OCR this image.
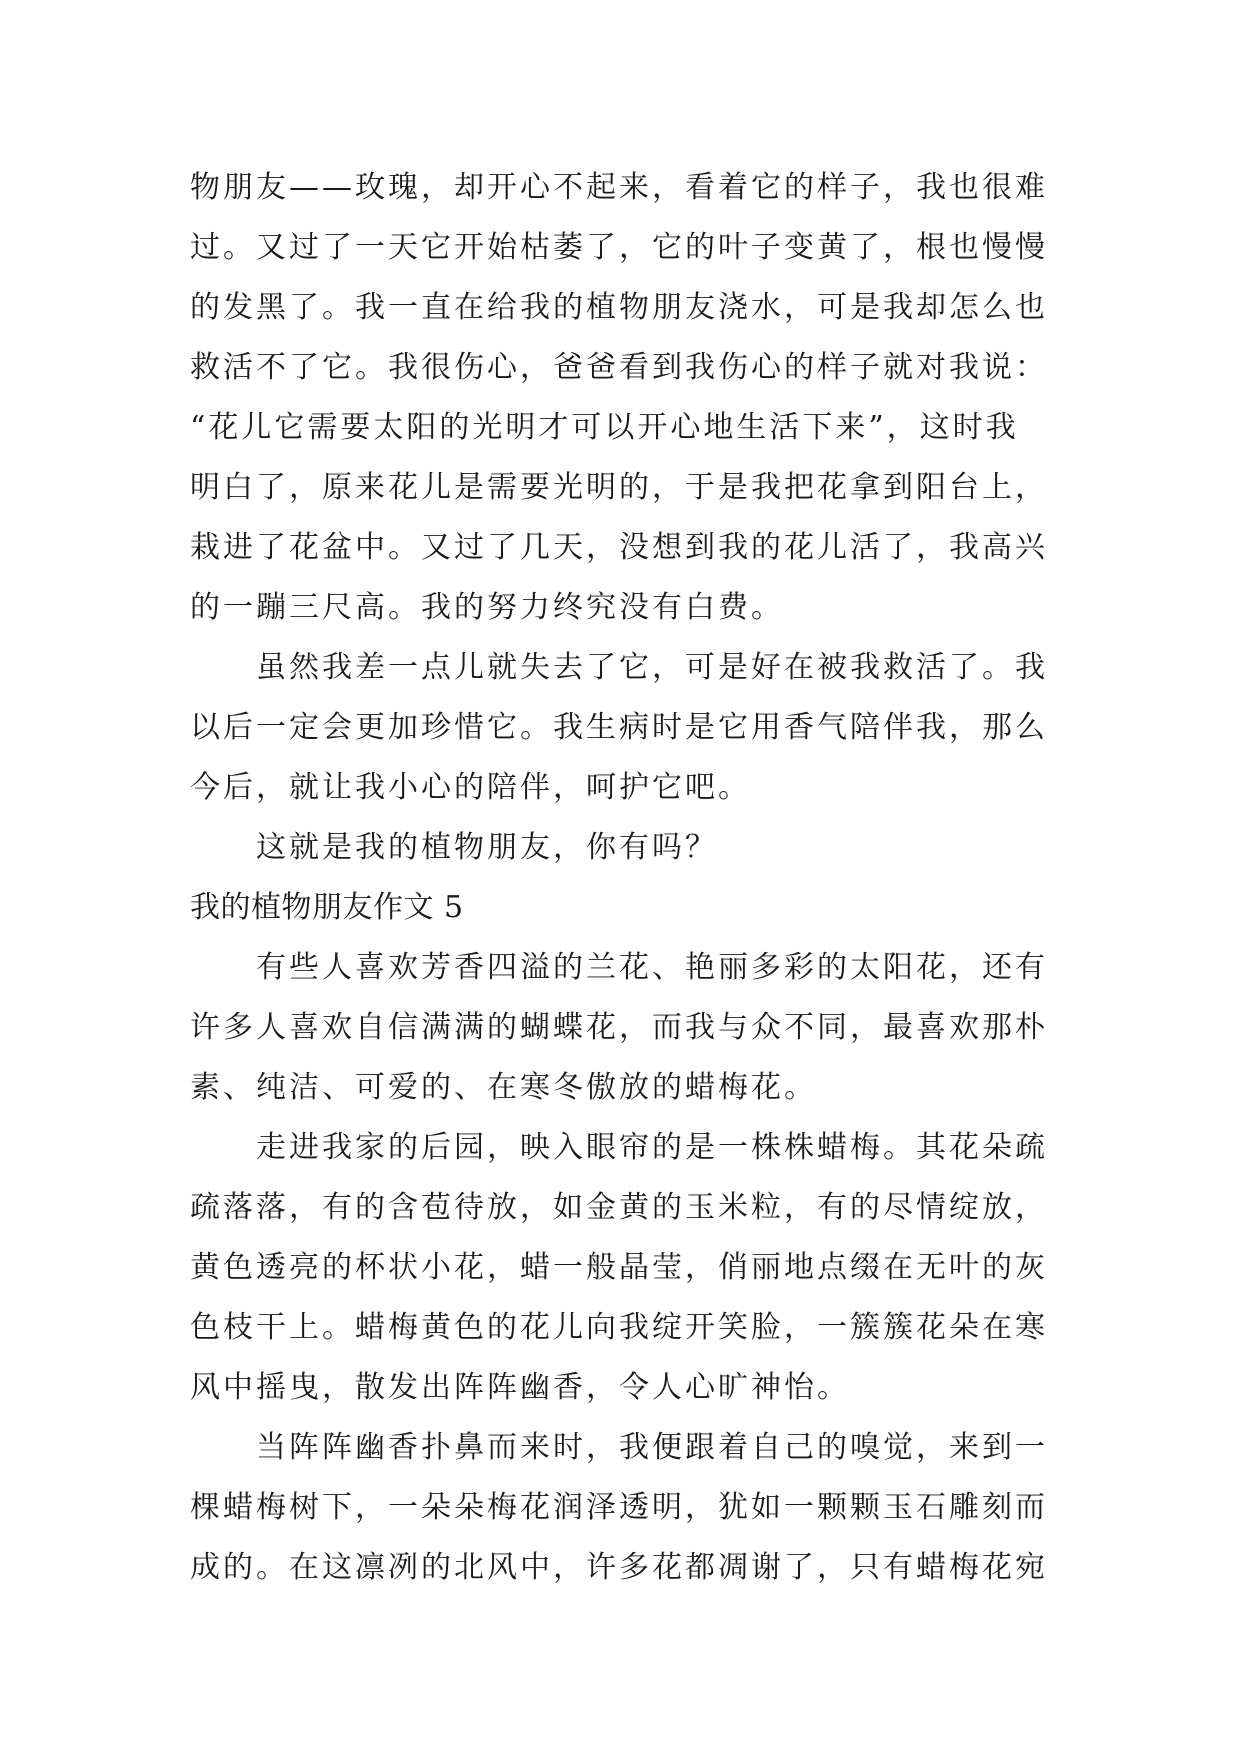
物朋友——玫瑰，却开心不起来，看着它的样子，我也很难
过。又过了一天它开始枯萎了，它的叶子变黄了，根也慢慢
的发黑了。我一直在给我的植物朋友浇水，可是我却怎么也
救活不了它。我很伤心，爸爸看到我伤心的样子就对我说：
“花儿它需要太阳的光明才可以开心地生活下来”，这时我
明白了，原来花儿是需要光明的，于是我把花拿到阳台上，
栽进了花盆中。又过了几天，没想到我的花儿活了，我高兴
的一蹦三尺高。我的努力终究没有白费。
　　虽然我差一点儿就失去了它，可是好在被我救活了。我
以后一定会更加珍惜它。我生病时是它用香气陪伴我，那么
今后，就让我小心的陪伴，呵护它吧。
　　这就是我的植物朋友，你有吗？
我的植物朋友作文 5
　　有些人喜欢芳香四溢的兰花、艳丽多彩的太阳花，还有
许多人喜欢自信满满的蝴蝶花，而我与众不同，最喜欢那朴
素、纯洁、可爱的、在寒冬傲放的蜡梅花。
　　走进我家的后园，映入眼帘的是一株株蜡梅。其花朵疏
疏落落，有的含苞待放，如金黄的玉米粒，有的尽情绽放，
黄色透亮的杯状小花，蜡一般晶莹，俏丽地点缀在无叶的灰
色枝干上。蜡梅黄色的花儿向我绽开笑脸，一簇簇花朵在寒
风中摇曳，散发出阵阵幽香，令人心旷神怡。
　　当阵阵幽香扑鼻而来时，我便跟着自己的嗅觉，来到一
棵蜡梅树下，一朵朵梅花润泽透明，犹如一颗颗玉石雕刻而
成的。在这凛冽的北风中，许多花都凋谢了，只有蜡梅花宛
